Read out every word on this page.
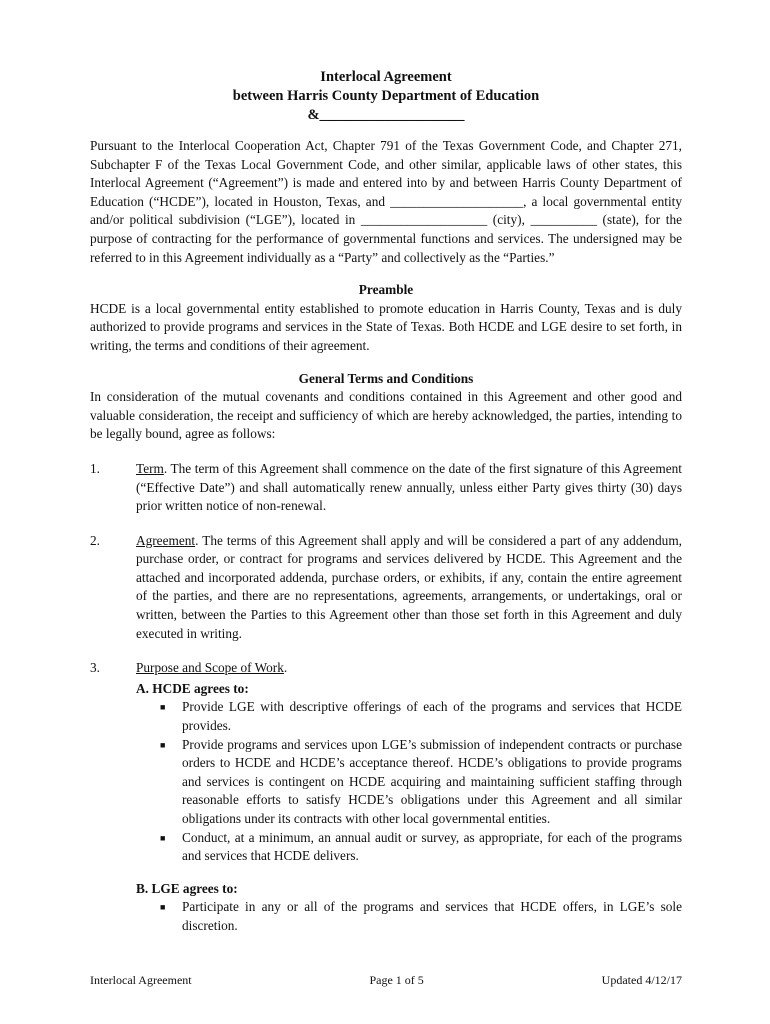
Interlocal Agreement
between Harris County Department of Education
&____________________

Pursuant to the Interlocal Cooperation Act, Chapter 791 of the Texas Government Code, and Chapter 271, Subchapter F of the Texas Local Government Code, and other similar, applicable laws of other states, this Interlocal Agreement (“Agreement”) is made and entered into by and between Harris County Department of Education (“HCDE”), located in Houston, Texas, and ____________________, a local governmental entity and/or political subdivision (“LGE”), located in ___________________ (city), __________ (state), for the purpose of contracting for the performance of governmental functions and services. The undersigned may be referred to in this Agreement individually as a “Party” and collectively as the “Parties.”

Preamble

HCDE is a local governmental entity established to promote education in Harris County, Texas and is duly authorized to provide programs and services in the State of Texas. Both HCDE and LGE desire to set forth, in writing, the terms and conditions of their agreement.

General Terms and Conditions

In consideration of the mutual covenants and conditions contained in this Agreement and other good and valuable consideration, the receipt and sufficiency of which are hereby acknowledged, the parties, intending to be legally bound, agree as follows:

1.	Term. The term of this Agreement shall commence on the date of the first signature of this Agreement (“Effective Date”) and shall automatically renew annually, unless either Party gives thirty (30) days prior written notice of non-renewal.
2.	Agreement. The terms of this Agreement shall apply and will be considered a part of any addendum, purchase order, or contract for programs and services delivered by HCDE. This Agreement and the attached and incorporated addenda, purchase orders, or exhibits, if any, contain the entire agreement of the parties, and there are no representations, agreements, arrangements, or undertakings, oral or written, between the Parties to this Agreement other than those set forth in this Agreement and duly executed in writing.
3.	Purpose and Scope of Work.
A. HCDE agrees to:
■	Provide LGE with descriptive offerings of each of the programs and services that HCDE provides.
■	Provide programs and services upon LGE’s submission of independent contracts or purchase orders to HCDE and HCDE’s acceptance thereof. HCDE’s obligations to provide programs and services is contingent on HCDE acquiring and maintaining sufficient staffing through reasonable efforts to satisfy HCDE’s obligations under this Agreement and all similar obligations under its contracts with other local governmental entities.
■	Conduct, at a minimum, an annual audit or survey, as appropriate, for each of the programs and services that HCDE delivers.
B. LGE agrees to:
■	Participate in any or all of the programs and services that HCDE offers, in LGE’s sole discretion.
Interlocal Agreement	Page 1 of 5	Updated 4/12/17
